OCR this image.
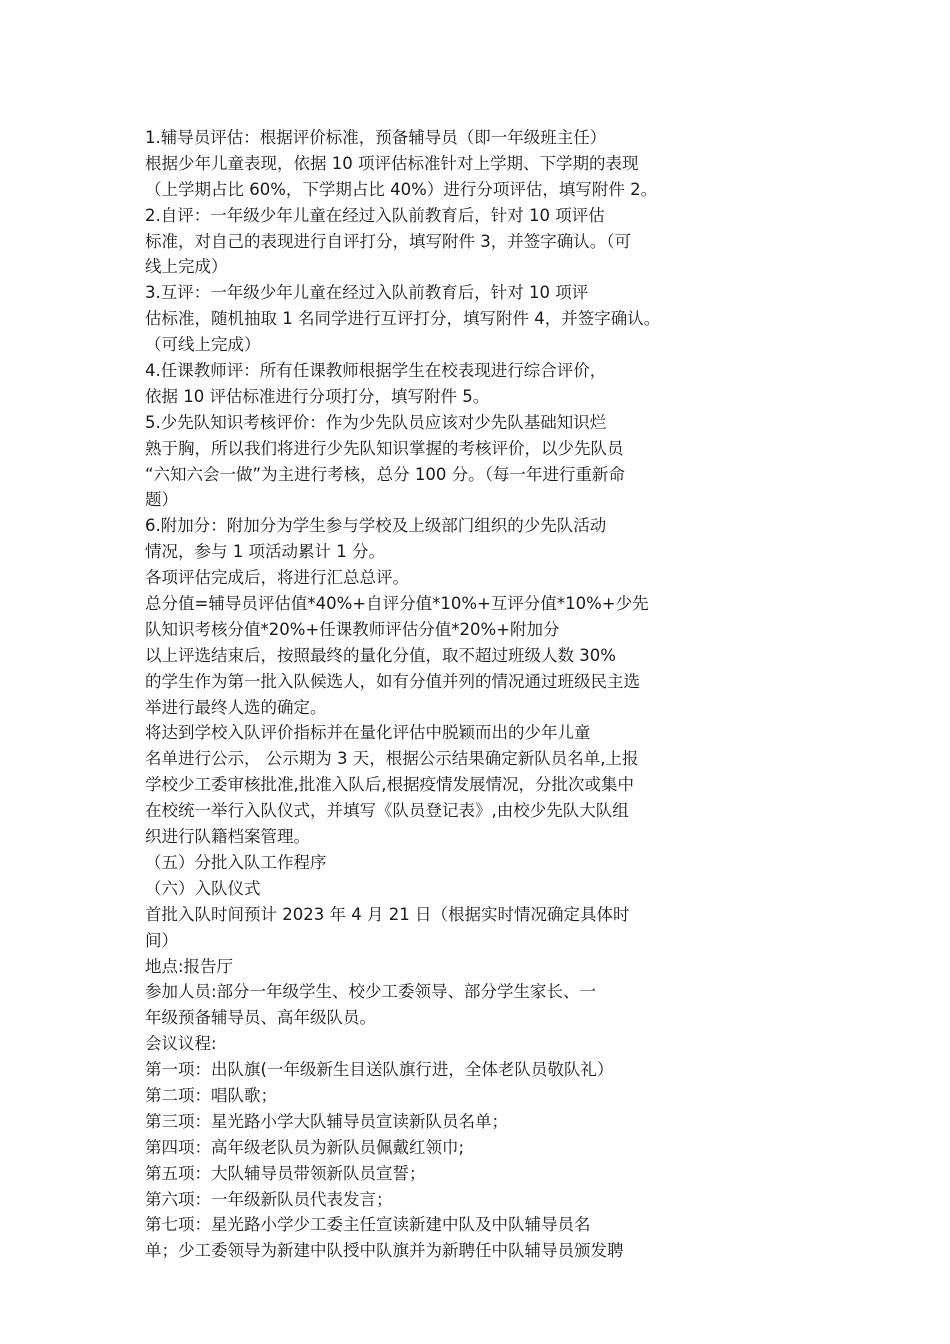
1.辅导员评估：根据评价标准，预备辅导员（即一年级班主任）
根据少年儿童表现，依据 10 项评估标准针对上学期、下学期的表现
（上学期占比 60%，下学期占比 40%）进行分项评估，填写附件 2。
2.自评：一年级少年儿童在经过入队前教育后，针对 10 项评估
标准，对自己的表现进行自评打分，填写附件 3，并签字确认。（可
线上完成）
3.互评：一年级少年儿童在经过入队前教育后，针对 10 项评
估标准，随机抽取 1 名同学进行互评打分，填写附件 4，并签字确认。
（可线上完成）
4.任课教师评：所有任课教师根据学生在校表现进行综合评价，
依据 10 评估标准进行分项打分，填写附件 5。
5.少先队知识考核评价：作为少先队员应该对少先队基础知识烂
熟于胸，所以我们将进行少先队知识掌握的考核评价，以少先队员
“六知六会一做”为主进行考核，总分 100 分。（每一年进行重新命
题）
6.附加分：附加分为学生参与学校及上级部门组织的少先队活动
情况，参与 1 项活动累计 1 分。
各项评估完成后，将进行汇总总评。
总分值=辅导员评估值*40%+自评分值*10%+互评分值*10%+少先
队知识考核分值*20%+任课教师评估分值*20%+附加分
以上评选结束后，按照最终的量化分值，取不超过班级人数 30%
的学生作为第一批入队候选人，如有分值并列的情况通过班级民主选
举进行最终人选的确定。
将达到学校入队评价指标并在量化评估中脱颖而出的少年儿童
名单进行公示， 公示期为 3 天，根据公示结果确定新队员名单,上报
学校少工委审核批准,批准入队后,根据疫情发展情况，分批次或集中
在校统一举行入队仪式，并填写《队员登记表》,由校少先队大队组
织进行队籍档案管理。
（五）分批入队工作程序
（六）入队仪式
首批入队时间预计 2023 年 4 月 21 日（根据实时情况确定具体时
间）
地点:报告厅
参加人员:部分一年级学生、校少工委领导、部分学生家长、一
年级预备辅导员、高年级队员。
会议议程:
第一项：出队旗(一年级新生目送队旗行进，全体老队员敬队礼）
第二项：唱队歌；
第三项：星光路小学大队辅导员宣读新队员名单；
第四项：高年级老队员为新队员佩戴红领巾;
第五项：大队辅导员带领新队员宣誓；
第六项：一年级新队员代表发言；
第七项：星光路小学少工委主任宣读新建中队及中队辅导员名
单；少工委领导为新建中队授中队旗并为新聘任中队辅导员颁发聘
